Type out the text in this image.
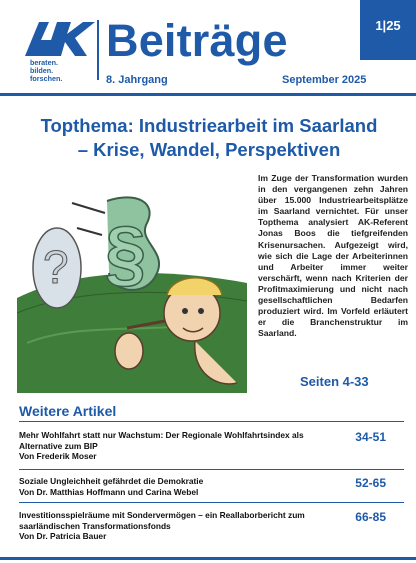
beraten.
bilden.
forschen.
Beiträge
8. Jahrgang	September 2025
1|25
Topthema: Industriearbeit im Saarland
– Krise, Wandel, Perspektiven
? §
Im Zuge der Transformation wurden in den vergangenen zehn Jahren über 15.000 Industriearbeitsplätze im Saarland vernichtet. Für unser Topthema analysiert AK-Referent Jonas Boos die tiefgreifenden Krisenursachen. Aufgezeigt wird, wie sich die Lage der Arbeiterinnen und Arbeiter immer weiter verschärft, wenn nach Kriterien der Profitmaximierung und nicht nach gesellschaftlichen Bedarfen produziert wird. Im Vorfeld erläutert er die Branchenstruktur im Saarland.
Seiten 4-33
Weitere Artikel
Mehr Wohlfahrt statt nur Wachstum: Der Regionale Wohlfahrtsindex als Alternative zum BIP
Von Frederik Moser
34-51
Soziale Ungleichheit gefährdet die Demokratie
Von Dr. Matthias Hoffmann und Carina Webel
52-65
Investitionsspielräume mit Sondervermögen – ein Reallaborbericht zum saarländischen Transformationsfonds
Von Dr. Patricia Bauer
66-85
